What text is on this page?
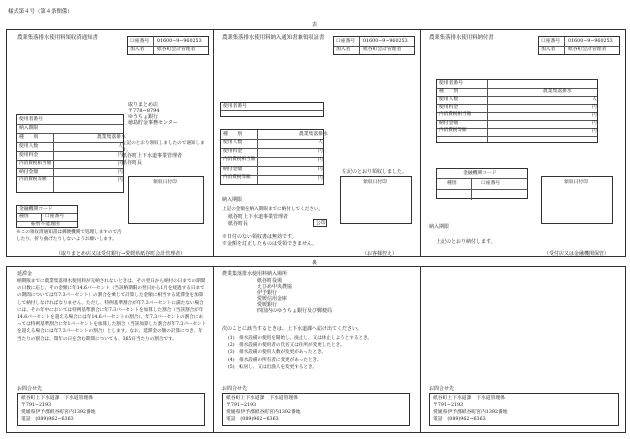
様式第４号（第４条関係）
表
農業集落排水使用料領収済通知書
口座番号 01600−9−960253
加入者	紙谷町会計管理者
使用者番号
納入期限
種　　別	農業集落排水
使用人数	人
使用料金	円
内消費税相当額	円
納付金額	円
内消費税等額	円
金融機関コード
種別	口座番号
振替不能理由
※この領収済通知書は郵便機関で処理しますので汚したり、折り曲げたりしないようお願いします。
（取りまとめ店又は受付銀行→愛媛県紙谷町会計管理者）
取りまとめ店
〒778−8794
ゆうちょ銀行
徳島貯金事務センター
左記のとおり領収しましたので通知します。
紙谷町上下水道事業管理者
紙谷町長
領収日付印
農業集落排水使用料納入通知書兼領収証書
口座番号 01600−9−960253
加入者	紙谷町会計管理者
使用者番号
種　　別	農業集落排水
使用人数	人
使用料金	円
内消費税相当額	円
納付金額	円
内消費税等額	円
納入期限
上記の金額を納入期限までに納付してください。
紙谷町上下水道事業管理者
紙谷町長	公印
※日付のない領収書は無効です。
※金額を訂正したものは受領できません。
左記のとおり領収しました。
領収日付印
（お客様控え）
農業集落排水使用料納付書
口座番号 01600−9−960253
加入者	紙谷町会計管理者
使用者番号
種　　別	農業集落排水
使用人数	人
使用料金	円
内消費税相当額	円
納付金額	円
内消費税等額	円
金融機関コード
種別	口座番号	領収日付印
納入期限
上記のとおり納付します。
（受付店又は金融機関保管）
裏
延滞金
納期限までに農業集落排水使用料が完納されないときは、その翌日から納付の日までの期間の日数に応じ、その金額に年14.6パーセント（当該納期限の翌日から1月を経過する日までの期間については年7.3パーセント）の割合を乗じて計算した金額に相当する延滞金を加算して納付しなければなりません。ただし、特例基準割合が年7.3パーセントに満たない場合には、その年中においては特例基準割合に年7.3パーセントを加算した割合（当該割合が年14.6パーセントを超える場合には年14.6パーセントの割合）、年7.3パーセントの割合にあっては特例基準割合に年1パーセントを加算した割合（当該加算した割合が年7.3パーセントを超える場合には年7.3パーセントの割合）とします。なお、延滞金の額の計算につき、年当たりの割合は、閏年の日を含む期間についても、365日当たりの割合です。
お問合せ先
紙谷町上下水道課　下水道管理係
〒791−2193
愛媛県伊予郡紙谷町宮内1392番地
電話　(089)962−6363
農業集落排水使用料納入場所
紙谷町役場
えひめ中央農協
伊予銀行
愛媛信用金庫
愛媛銀行
四国内のゆうちょ銀行及び郵便局
次のことに該当するときは、上下水道課へ届け出てください。
(1)　排水設備の使用を開始し、廃止し、又は休止しようとするとき。
(2)　排水設備の使用者の氏名又は住所が変更したとき。
(3)　排水設備の使用人数が変更があったとき。
(4)　排水設備の所有者に変更があったとき。
(5)　転居し、又は出漁人を変更するとき。
お問合せ先
紙谷町上下水道課　下水道管理係
〒791−2193
愛媛県伊予郡紙谷町宮内1392番地
電話　(089)962−6363
お問合せ先
紙谷町上下水道課　下水道管理係
〒791−2193
愛媛県伊予郡紙谷町宮内1392番地
電話　(089)962−6363
